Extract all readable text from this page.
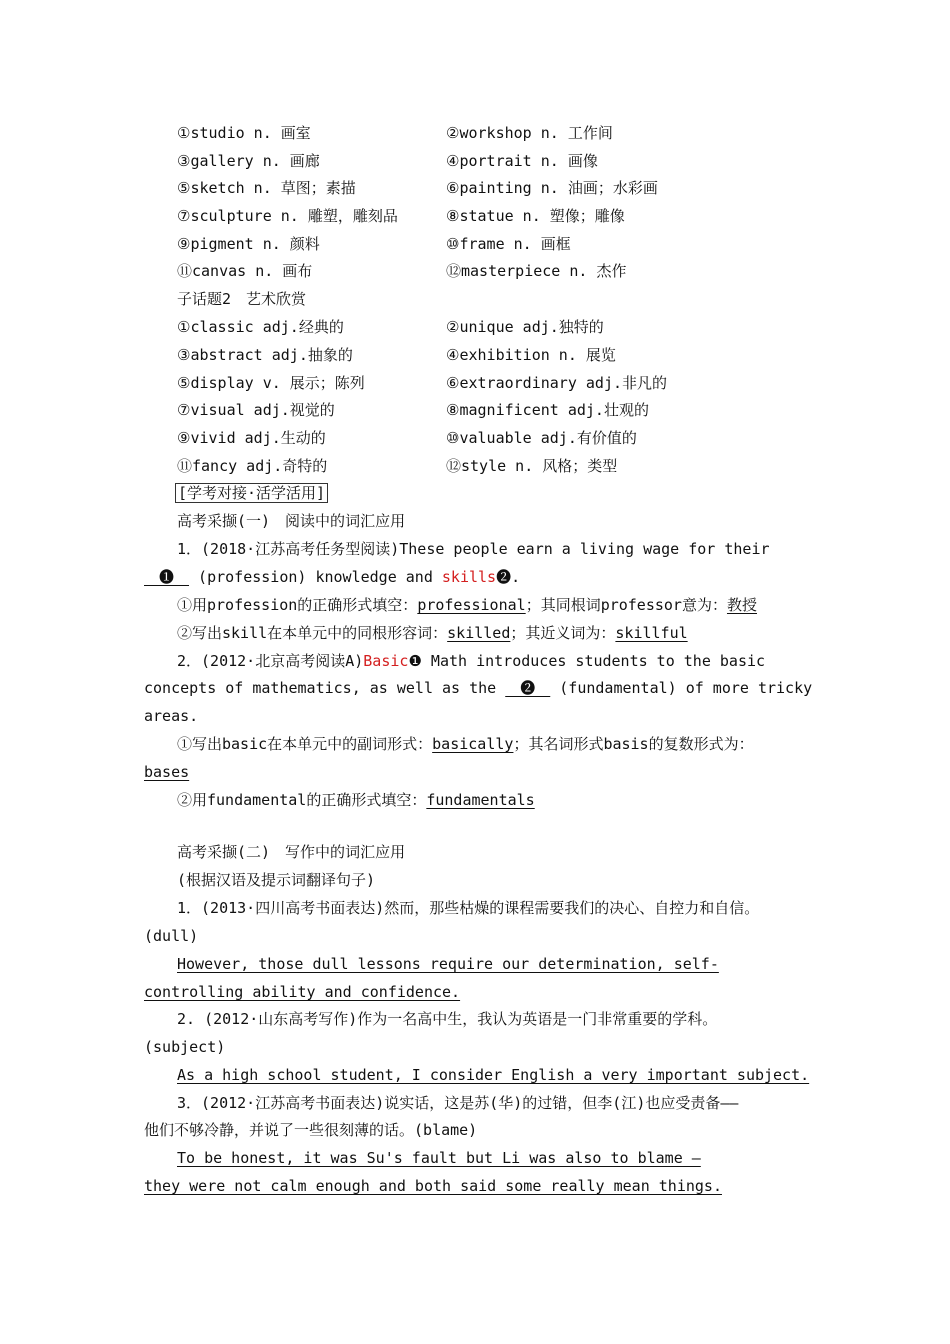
①studio n. 画室	②workshop n. 工作间
③gallery n. 画廊	④portrait n. 画像
⑤sketch n. 草图；素描	⑥painting n. 油画；水彩画
⑦sculpture n. 雕塑，雕刻品	⑧statue n. 塑像；雕像
⑨pigment n. 颜料	⑩frame n. 画框
⑪canvas n. 画布	⑫masterpiece n. 杰作
子话题2　艺术欣赏
①classic adj.经典的	②unique adj.独特的
③abstract adj.抽象的	④exhibition n. 展览
⑤display v. 展示；陈列	⑥extraordinary adj.非凡的
⑦visual adj.视觉的	⑧magnificent adj.壮观的
⑨vivid adj.生动的	⑩valuable adj.有价值的
⑪fancy adj.奇特的	⑫style n. 风格；类型
[学考对接·活学活用]
高考采撷(一)　阅读中的词汇应用
1．(2018·江苏高考任务型阅读)These people earn a living wage for their
　❶　 (profession) knowledge and skills❷.
①用profession的正确形式填空：professional；其同根词professor意为：教授
②写出skill在本单元中的同根形容词：skilled；其近义词为：skillful
2．(2012·北京高考阅读A)Basic❶ Math introduces students to the basic
concepts of mathematics, as well as the 　❷　 (fundamental) of more tricky
areas.
①写出basic在本单元中的副词形式：basically；其名词形式basis的复数形式为：
bases
②用fundamental的正确形式填空：fundamentals
高考采撷(二)　写作中的词汇应用
(根据汉语及提示词翻译句子)
1．(2013·四川高考书面表达)然而，那些枯燥的课程需要我们的决心、自控力和自信。
(dull)
However, those dull lessons require our determination, self-
controlling ability and confidence.
2. (2012·山东高考写作)作为一名高中生，我认为英语是一门非常重要的学科。
(subject)
As a high school student, I consider English a very important subject.
3．(2012·江苏高考书面表达)说实话，这是苏(华)的过错，但李(江)也应受责备——
他们不够冷静，并说了一些很刻薄的话。(blame)
To be honest, it was Su's fault but Li was also to blame —
they were not calm enough and both said some really mean things.
